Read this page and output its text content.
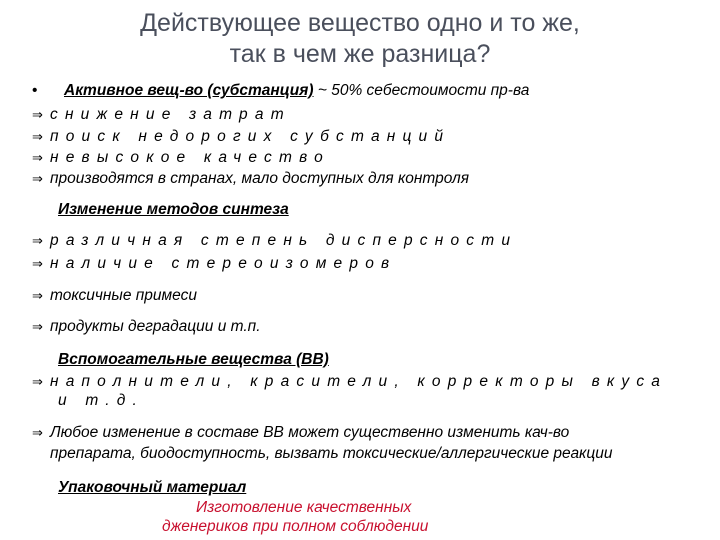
Действующее вещество одно и то же,
так в чем же разница?
• Активное вещ-во (субстанция) ~ 50% себестоимости пр-ва
⇒ снижение затрат
⇒ поиск недорогих субстанций
⇒ невысокое качество
⇒ производятся в странах, мало доступных для контроля
Изменение методов синтеза
⇒ различная степень дисперсности
⇒ наличие стереоизомеров
⇒ токсичные примеси
⇒ продукты деградации и т.п.
Вспомогательные вещества (ВВ)
⇒ наполнители, красители, корректоры вкуса
и т.д.
⇒ Любое изменение в составе ВВ может существенно изменить кач-во
препарата, биодоступность, вызвать токсические/аллергические реакции
Упаковочный материал
Изготовление качественных
дженериков при полном соблюдении
